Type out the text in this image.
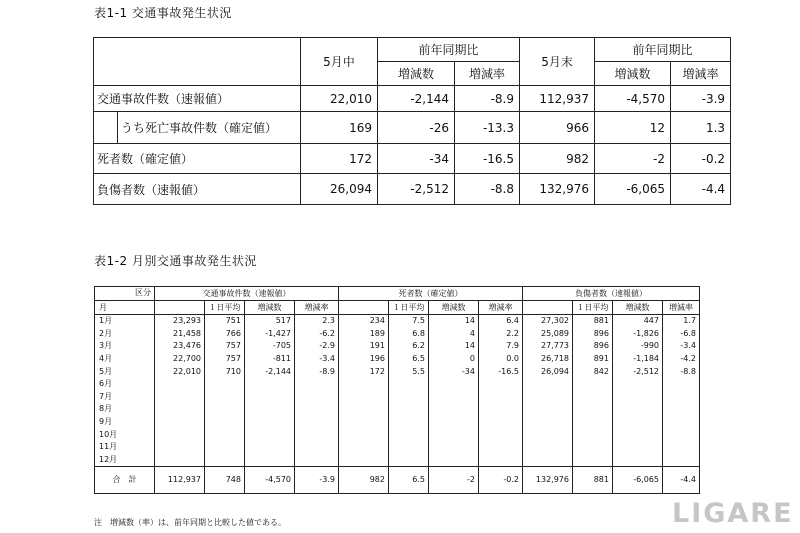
表1-1 交通事故発生状況
		5月中	前年同期比		5月末	前年同期比	
			増減数	増減率		増減数	増減率
交通事故件数（速報値）		22,010	-2,144	-8.9	112,937	-4,570	-3.9
	うち死亡事故件数（確定値）	169	-26	-13.3	966	12	1.3
死者数（確定値）		172	-34	-16.5	982	-2	-0.2
負傷者数（速報値）		26,094	-2,512	-8.8	132,976	-6,065	-4.4
表1-2 月別交通事故発生状況
区分	交通事故件数（速報値）				死者数（確定値）				負傷者数（速報値）			
月		１日平均	増減数	増減率		１日平均	増減数	増減率		１日平均	増減数	増減率
1月	23,293	751	517	2.3	234	7.5	14	6.4	27,302	881	447	1.7
2月	21,458	766	-1,427	-6.2	189	6.8	4	2.2	25,089	896	-1,826	-6.8
3月	23,476	757	-705	-2.9	191	6.2	14	7.9	27,773	896	-990	-3.4
4月	22,700	757	-811	-3.4	196	6.5	0	0.0	26,718	891	-1,184	-4.2
5月	22,010	710	-2,144	-8.9	172	5.5	-34	-16.5	26,094	842	-2,512	-8.8
6月												
7月												
8月												
9月												
10月												
11月												
12月												
合　計	112,937	748	-4,570	-3.9	982	6.5	-2	-0.2	132,976	881	-6,065	-4.4
注　増減数（率）は、前年同期と比較した値である。	LIGARE
